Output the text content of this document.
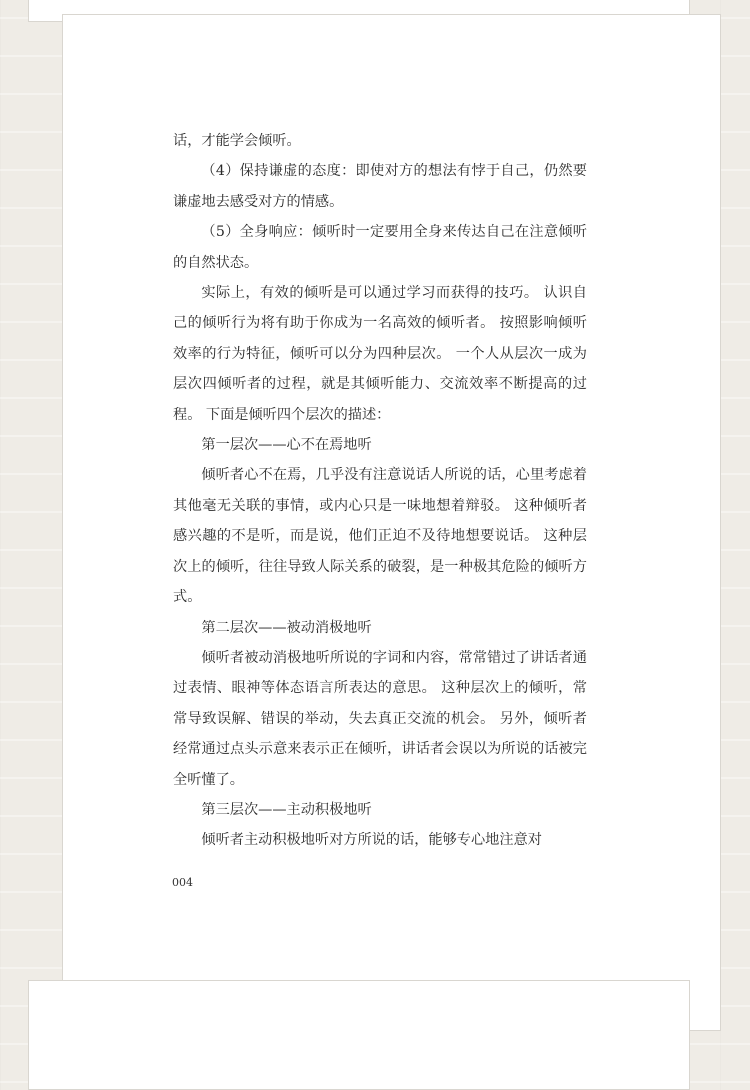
话，才能学会倾听。

（4）保持谦虚的态度：即使对方的想法有悖于自己，仍然要谦虚地去感受对方的情感。

（5）全身响应：倾听时一定要用全身来传达自己在注意倾听的自然状态。

实际上，有效的倾听是可以通过学习而获得的技巧。 认识自己的倾听行为将有助于你成为一名高效的倾听者。 按照影响倾听效率的行为特征，倾听可以分为四种层次。 一个人从层次一成为层次四倾听者的过程，就是其倾听能力、交流效率不断提高的过程。 下面是倾听四个层次的描述：

第一层次——心不在焉地听

倾听者心不在焉，几乎没有注意说话人所说的话，心里考虑着其他毫无关联的事情，或内心只是一味地想着辩驳。 这种倾听者感兴趣的不是听，而是说，他们正迫不及待地想要说话。 这种层次上的倾听，往往导致人际关系的破裂，是一种极其危险的倾听方式。

第二层次——被动消极地听

倾听者被动消极地听所说的字词和内容，常常错过了讲话者通过表情、眼神等体态语言所表达的意思。 这种层次上的倾听，常常导致误解、错误的举动，失去真正交流的机会。 另外，倾听者经常通过点头示意来表示正在倾听，讲话者会误以为所说的话被完全听懂了。

第三层次——主动积极地听

倾听者主动积极地听对方所说的话，能够专心地注意对

004
